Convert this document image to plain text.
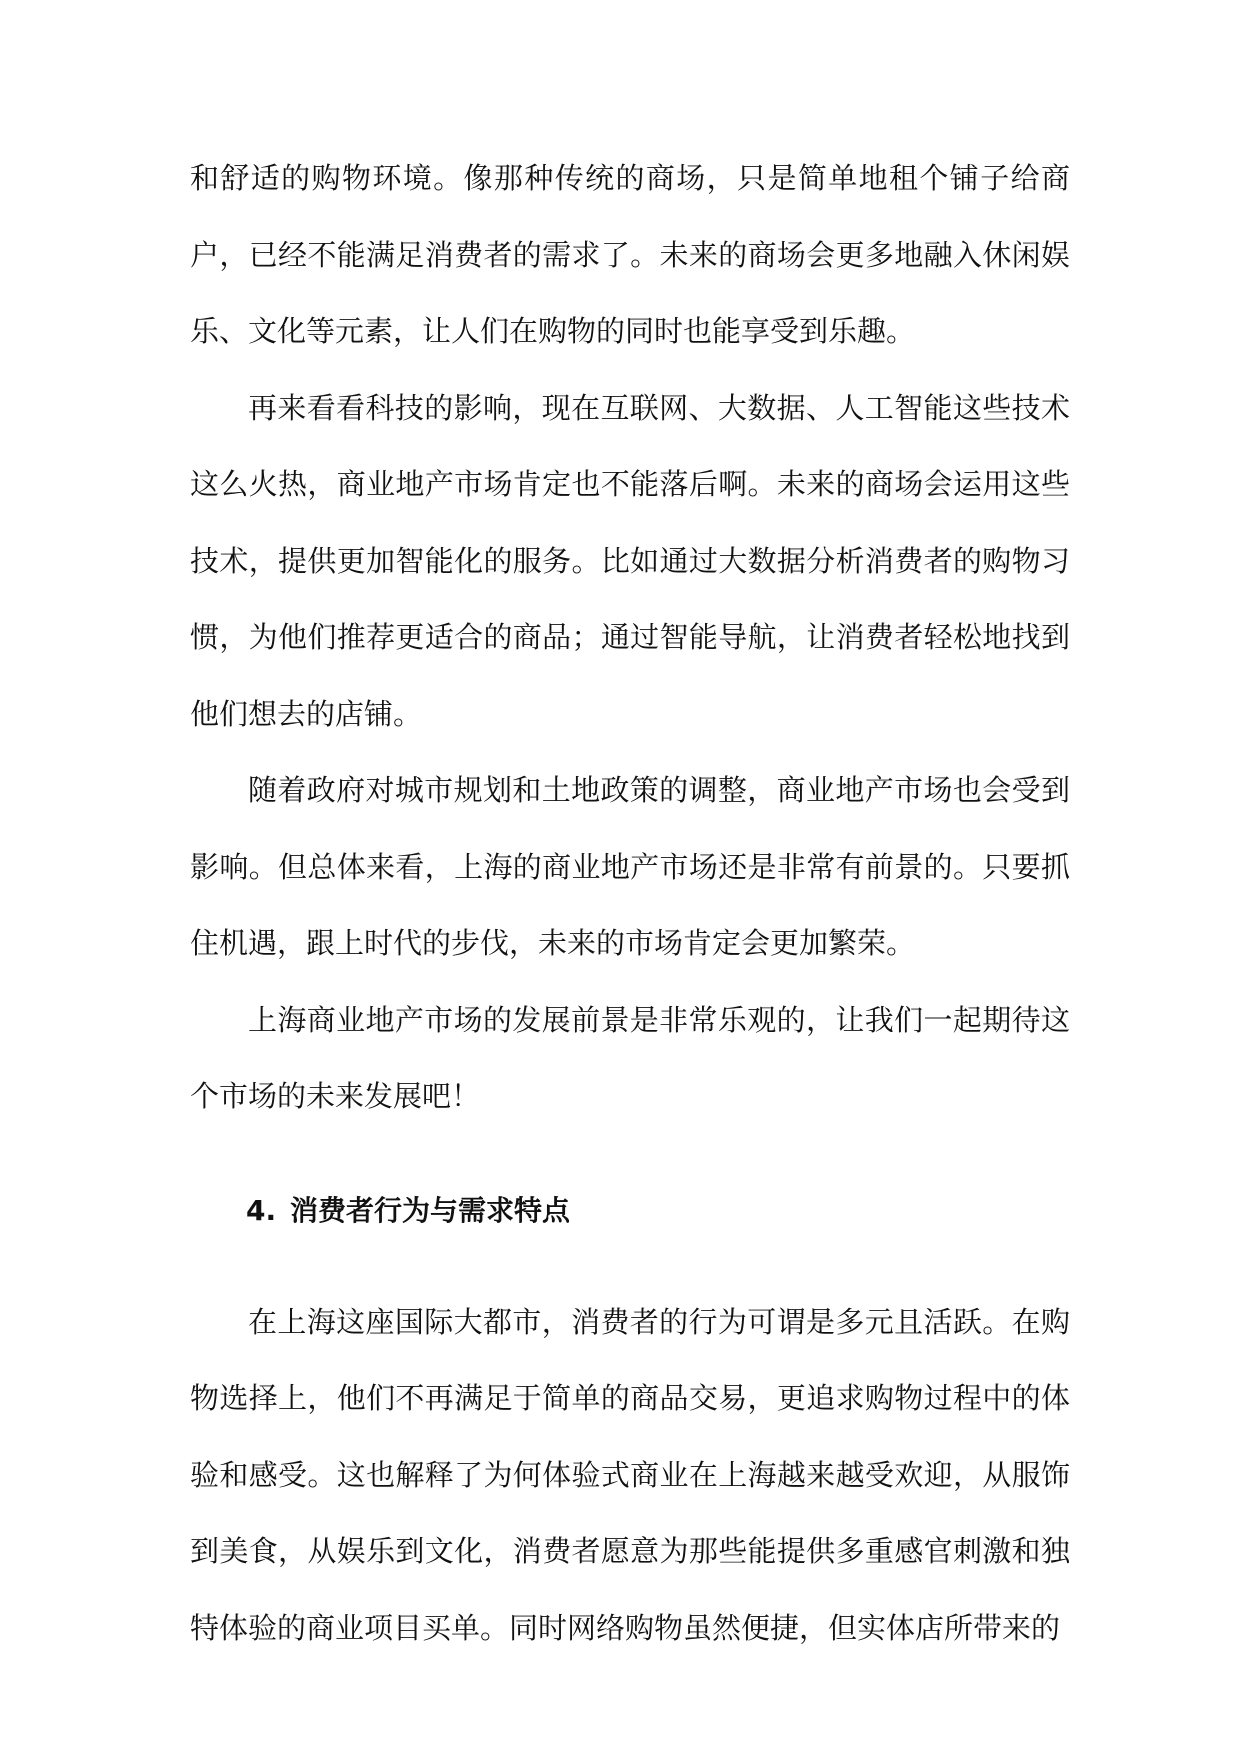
和舒适的购物环境。像那种传统的商场，只是简单地租个铺子给商户，已经不能满足消费者的需求了。未来的商场会更多地融入休闲娱乐、文化等元素，让人们在购物的同时也能享受到乐趣。

再来看看科技的影响，现在互联网、大数据、人工智能这些技术这么火热，商业地产市场肯定也不能落后啊。未来的商场会运用这些技术，提供更加智能化的服务。比如通过大数据分析消费者的购物习惯，为他们推荐更适合的商品；通过智能导航，让消费者轻松地找到他们想去的店铺。

随着政府对城市规划和土地政策的调整，商业地产市场也会受到影响。但总体来看，上海的商业地产市场还是非常有前景的。只要抓住机遇，跟上时代的步伐，未来的市场肯定会更加繁荣。

上海商业地产市场的发展前景是非常乐观的，让我们一起期待这个市场的未来发展吧！

4. 消费者行为与需求特点

在上海这座国际大都市，消费者的行为可谓是多元且活跃。在购物选择上，他们不再满足于简单的商品交易，更追求购物过程中的体验和感受。这也解释了为何体验式商业在上海越来越受欢迎，从服饰到美食，从娱乐到文化，消费者愿意为那些能提供多重感官刺激和独特体验的商业项目买单。同时网络购物虽然便捷，但实体店所带来的
